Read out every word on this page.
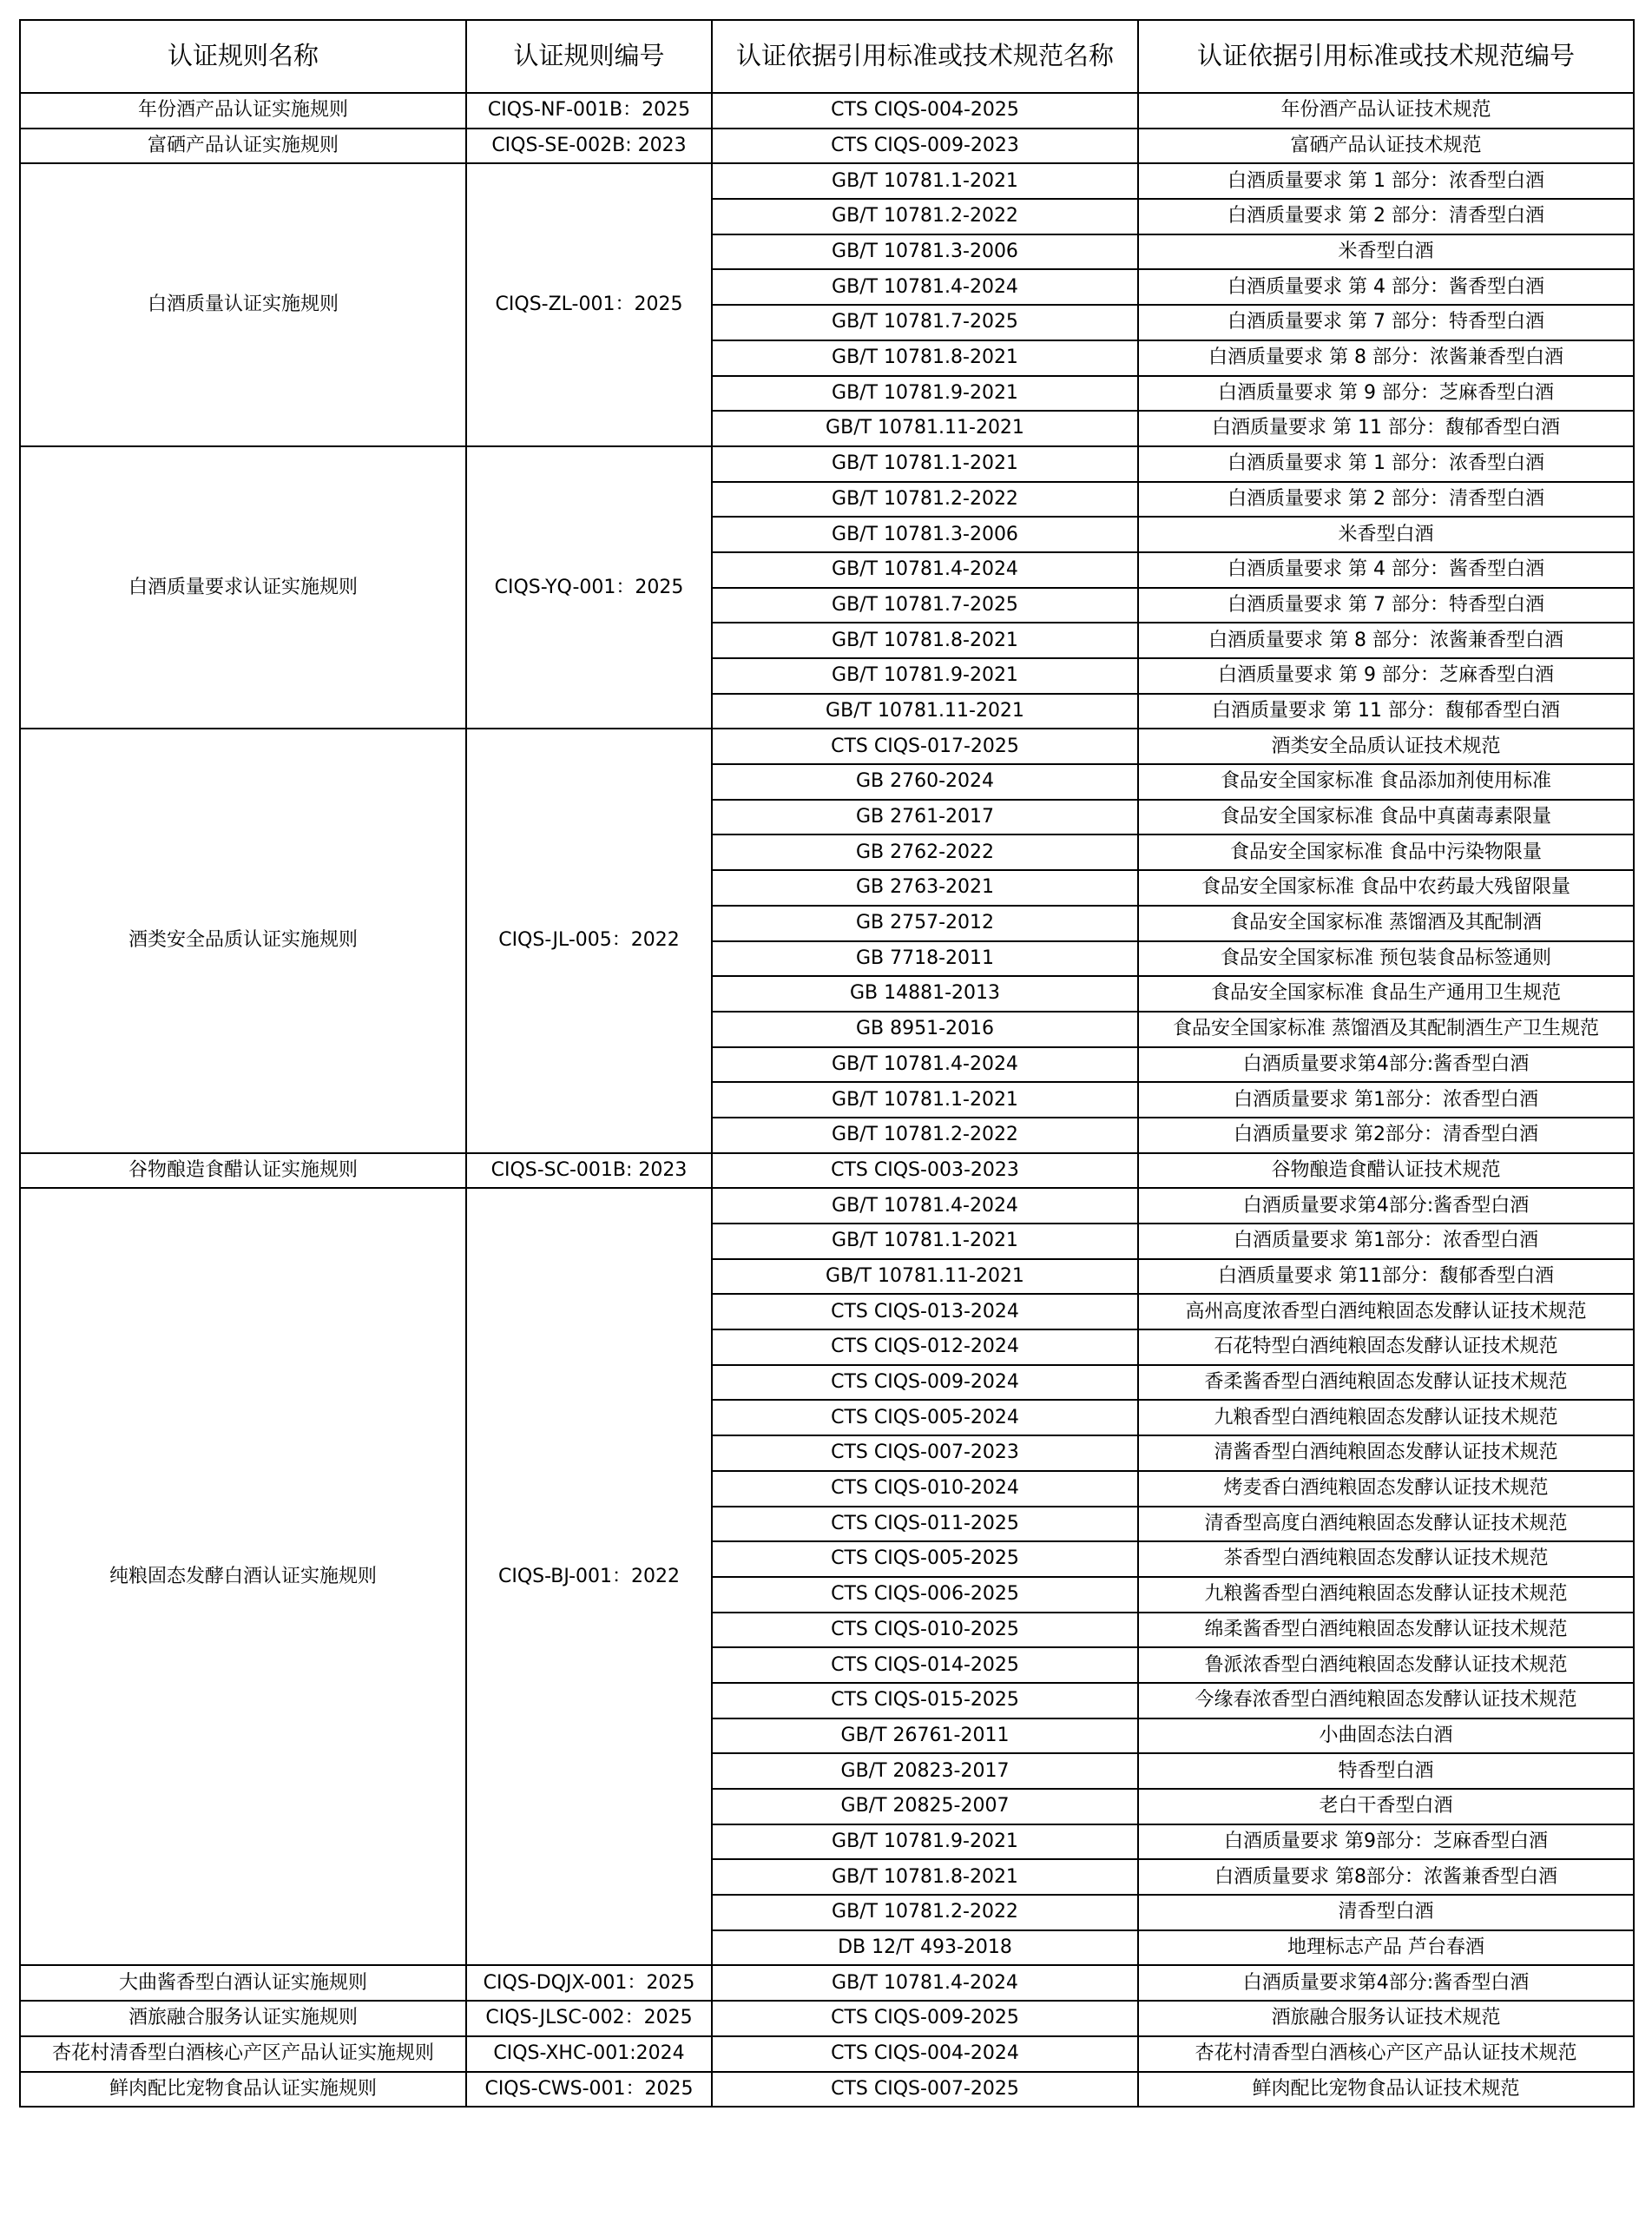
认证规则名称	认证规则编号	认证依据引用标准或技术规范名称	认证依据引用标准或技术规范编号
年份酒产品认证实施规则	CIQS-NF-001B：2025	CTS CIQS-004-2025	年份酒产品认证技术规范
富硒产品认证实施规则	CIQS-SE-002B: 2023	CTS CIQS-009-2023	富硒产品认证技术规范
白酒质量认证实施规则	CIQS-ZL-001：2025	GB/T 10781.1-2021	白酒质量要求 第 1 部分：浓香型白酒
		GB/T 10781.2-2022	白酒质量要求 第 2 部分：清香型白酒
		GB/T 10781.3-2006	米香型白酒
		GB/T 10781.4-2024	白酒质量要求 第 4 部分：酱香型白酒
		GB/T 10781.7-2025	白酒质量要求 第 7 部分：特香型白酒
		GB/T 10781.8-2021	白酒质量要求 第 8 部分：浓酱兼香型白酒
		GB/T 10781.9-2021	白酒质量要求 第 9 部分：芝麻香型白酒
		GB/T 10781.11-2021	白酒质量要求 第 11 部分：馥郁香型白酒
白酒质量要求认证实施规则	CIQS-YQ-001：2025	GB/T 10781.1-2021	白酒质量要求 第 1 部分：浓香型白酒
		GB/T 10781.2-2022	白酒质量要求 第 2 部分：清香型白酒
		GB/T 10781.3-2006	米香型白酒
		GB/T 10781.4-2024	白酒质量要求 第 4 部分：酱香型白酒
		GB/T 10781.7-2025	白酒质量要求 第 7 部分：特香型白酒
		GB/T 10781.8-2021	白酒质量要求 第 8 部分：浓酱兼香型白酒
		GB/T 10781.9-2021	白酒质量要求 第 9 部分：芝麻香型白酒
		GB/T 10781.11-2021	白酒质量要求 第 11 部分：馥郁香型白酒
酒类安全品质认证实施规则	CIQS-JL-005：2022	CTS CIQS-017-2025	酒类安全品质认证技术规范
		GB 2760-2024	食品安全国家标准 食品添加剂使用标准
		GB 2761-2017	食品安全国家标准 食品中真菌毒素限量
		GB 2762-2022	食品安全国家标准 食品中污染物限量
		GB 2763-2021	食品安全国家标准 食品中农药最大残留限量
		GB 2757-2012	食品安全国家标准 蒸馏酒及其配制酒
		GB 7718-2011	食品安全国家标准 预包装食品标签通则
		GB 14881-2013	食品安全国家标准 食品生产通用卫生规范
		GB 8951-2016	食品安全国家标准 蒸馏酒及其配制酒生产卫生规范
		GB/T 10781.4-2024	白酒质量要求第4部分:酱香型白酒
		GB/T 10781.1-2021	白酒质量要求 第1部分：浓香型白酒
		GB/T 10781.2-2022	白酒质量要求 第2部分：清香型白酒
谷物酿造食醋认证实施规则	CIQS-SC-001B: 2023	CTS CIQS-003-2023	谷物酿造食醋认证技术规范
纯粮固态发酵白酒认证实施规则	CIQS-BJ-001：2022	GB/T 10781.4-2024	白酒质量要求第4部分:酱香型白酒
		GB/T 10781.1-2021	白酒质量要求 第1部分：浓香型白酒
		GB/T 10781.11-2021	白酒质量要求 第11部分：馥郁香型白酒
		CTS CIQS-013-2024	高州高度浓香型白酒纯粮固态发酵认证技术规范
		CTS CIQS-012-2024	石花特型白酒纯粮固态发酵认证技术规范
		CTS CIQS-009-2024	香柔酱香型白酒纯粮固态发酵认证技术规范
		CTS CIQS-005-2024	九粮香型白酒纯粮固态发酵认证技术规范
		CTS CIQS-007-2023	清酱香型白酒纯粮固态发酵认证技术规范
		CTS CIQS-010-2024	烤麦香白酒纯粮固态发酵认证技术规范
		CTS CIQS-011-2025	清香型高度白酒纯粮固态发酵认证技术规范
		CTS CIQS-005-2025	茶香型白酒纯粮固态发酵认证技术规范
		CTS CIQS-006-2025	九粮酱香型白酒纯粮固态发酵认证技术规范
		CTS CIQS-010-2025	绵柔酱香型白酒纯粮固态发酵认证技术规范
		CTS CIQS-014-2025	鲁派浓香型白酒纯粮固态发酵认证技术规范
		CTS CIQS-015-2025	今缘春浓香型白酒纯粮固态发酵认证技术规范
		GB/T 26761-2011	小曲固态法白酒
		GB/T 20823-2017	特香型白酒
		GB/T 20825-2007	老白干香型白酒
		GB/T 10781.9-2021	白酒质量要求 第9部分：芝麻香型白酒
		GB/T 10781.8-2021	白酒质量要求 第8部分：浓酱兼香型白酒
		GB/T 10781.2-2022	清香型白酒
		DB 12/T 493-2018	地理标志产品 芦台春酒
大曲酱香型白酒认证实施规则	CIQS-DQJX-001：2025	GB/T 10781.4-2024	白酒质量要求第4部分:酱香型白酒
酒旅融合服务认证实施规则	CIQS-JLSC-002：2025	CTS CIQS-009-2025	酒旅融合服务认证技术规范
杏花村清香型白酒核心产区产品认证实施规则	CIQS-XHC-001:2024	CTS CIQS-004-2024	杏花村清香型白酒核心产区产品认证技术规范
鲜肉配比宠物食品认证实施规则	CIQS-CWS-001：2025	CTS CIQS-007-2025	鲜肉配比宠物食品认证技术规范
